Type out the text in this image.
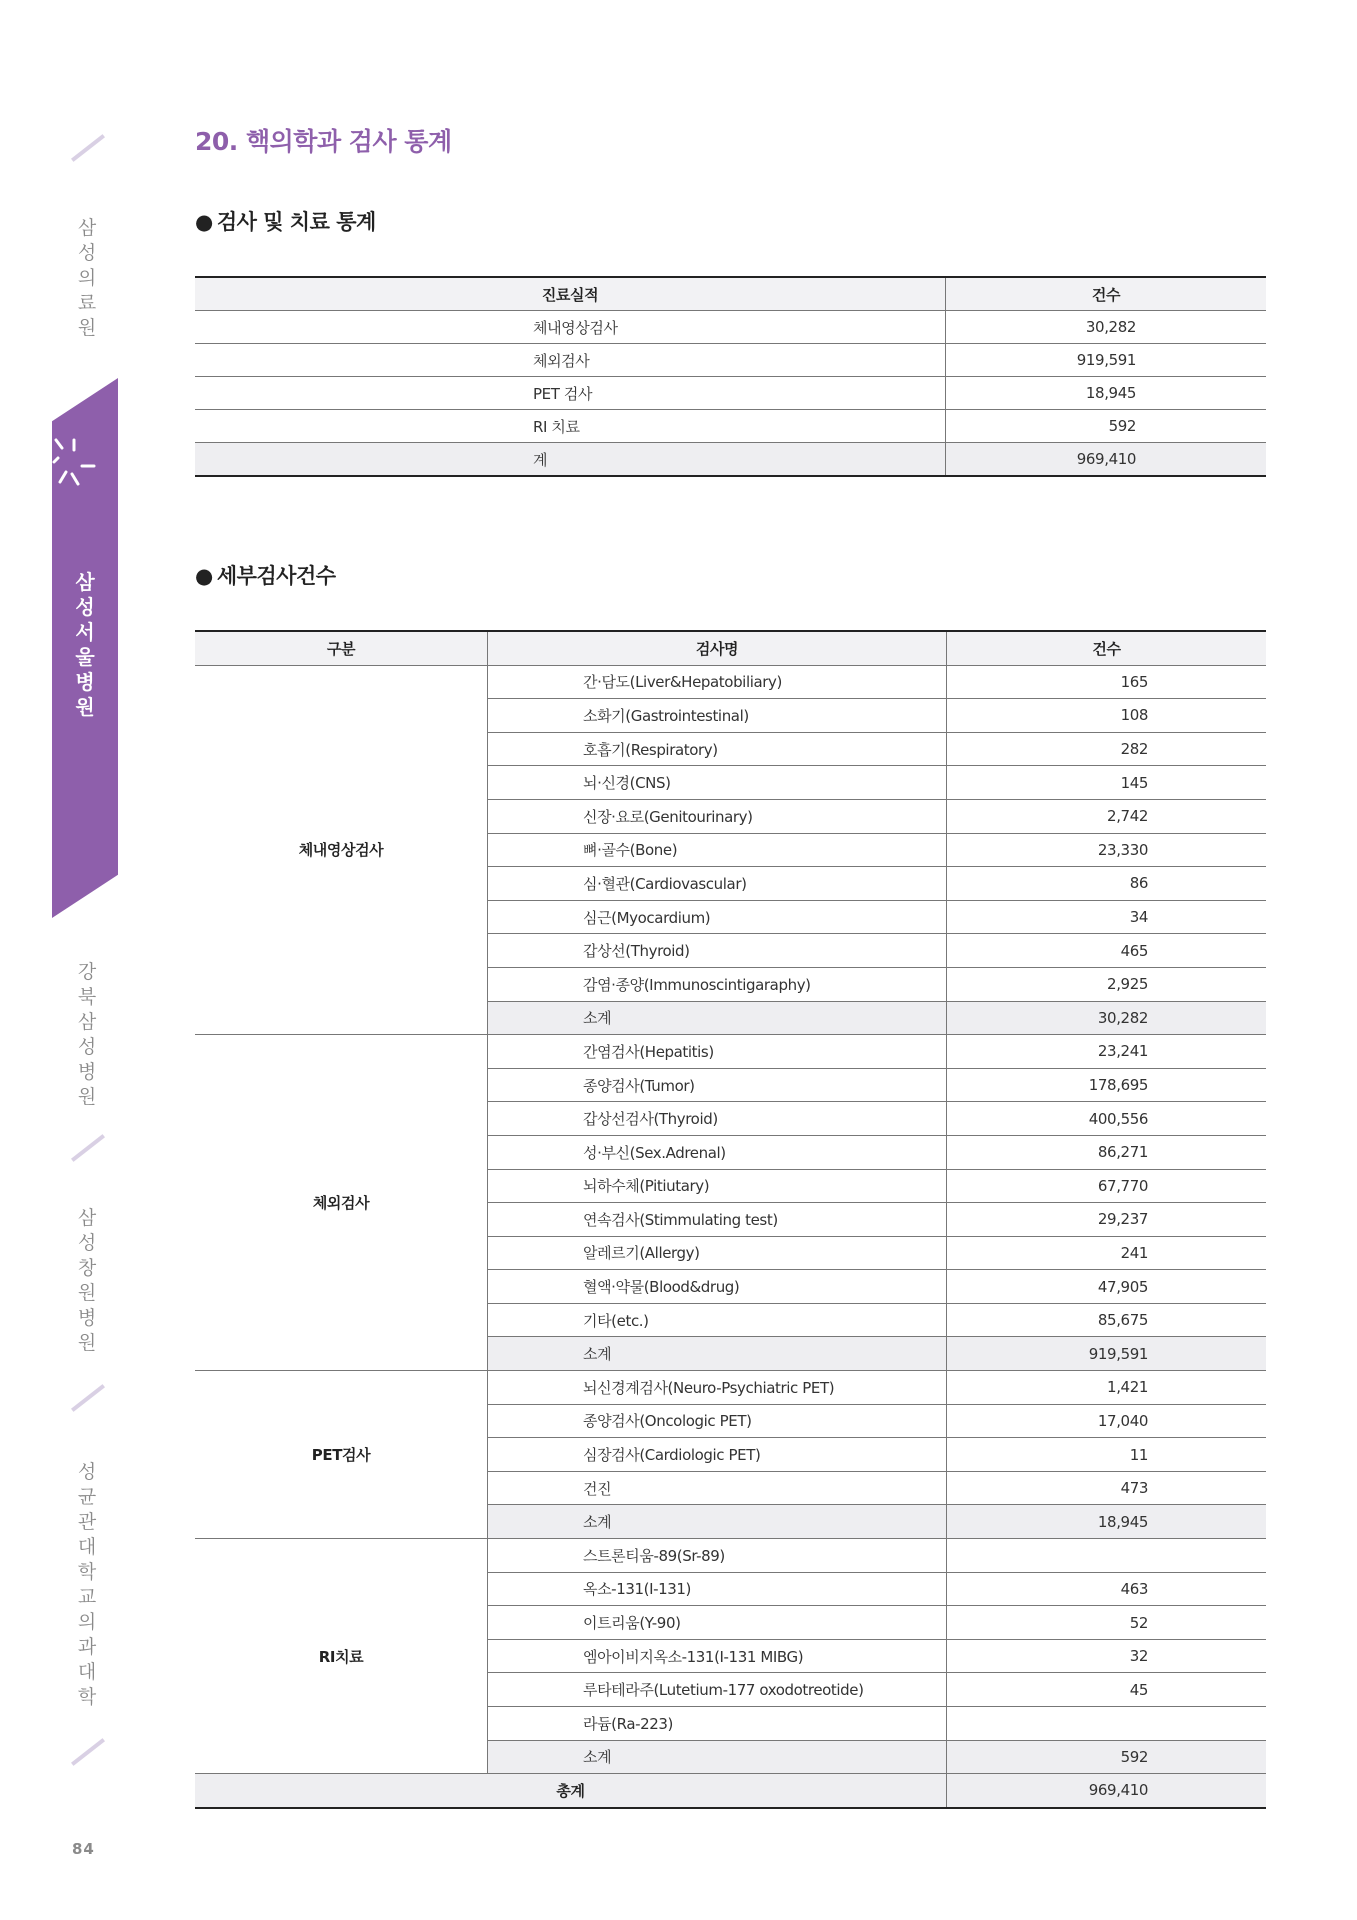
삼성의료원
삼성서울병원
강북삼성병원
삼성창원병원
성균관대학교 의과대학
84
20. 핵의학과 검사 통계
● 검사 및 치료 통계
진료실적	건수
체내영상검사	30,282
체외검사	919,591
PET 검사	18,945
RI 치료	592
계	969,410
● 세부검사건수
구분	검사명	건수
체내영상검사	간·담도(Liver&Hepatobiliary)	165
	소화기(Gastrointestinal)	108
	호흡기(Respiratory)	282
	뇌·신경(CNS)	145
	신장·요로(Genitourinary)	2,742
	뼈·골수(Bone)	23,330
	심·혈관(Cardiovascular)	86
	심근(Myocardium)	34
	갑상선(Thyroid)	465
	감염·종양(Immunoscintigaraphy)	2,925
	소계	30,282
체외검사	간염검사(Hepatitis)	23,241
	종양검사(Tumor)	178,695
	갑상선검사(Thyroid)	400,556
	성·부신(Sex.Adrenal)	86,271
	뇌하수체(Pitiutary)	67,770
	연속검사(Stimmulating test)	29,237
	알레르기(Allergy)	241
	혈액·약물(Blood&drug)	47,905
	기타(etc.)	85,675
	소계	919,591
PET검사	뇌신경계검사(Neuro-Psychiatric PET)	1,421
	종양검사(Oncologic PET)	17,040
	심장검사(Cardiologic PET)	11
	건진	473
	소계	18,945
RI치료	스트론티움-89(Sr-89)	
	옥소-131(I-131)	463
	이트리움(Y-90)	52
	엠아이비지옥소-131(I-131 MIBG)	32
	루타테라주(Lutetium-177 oxodotreotide)	45
	라듐(Ra-223)	
	소계	592
총계		969,410
